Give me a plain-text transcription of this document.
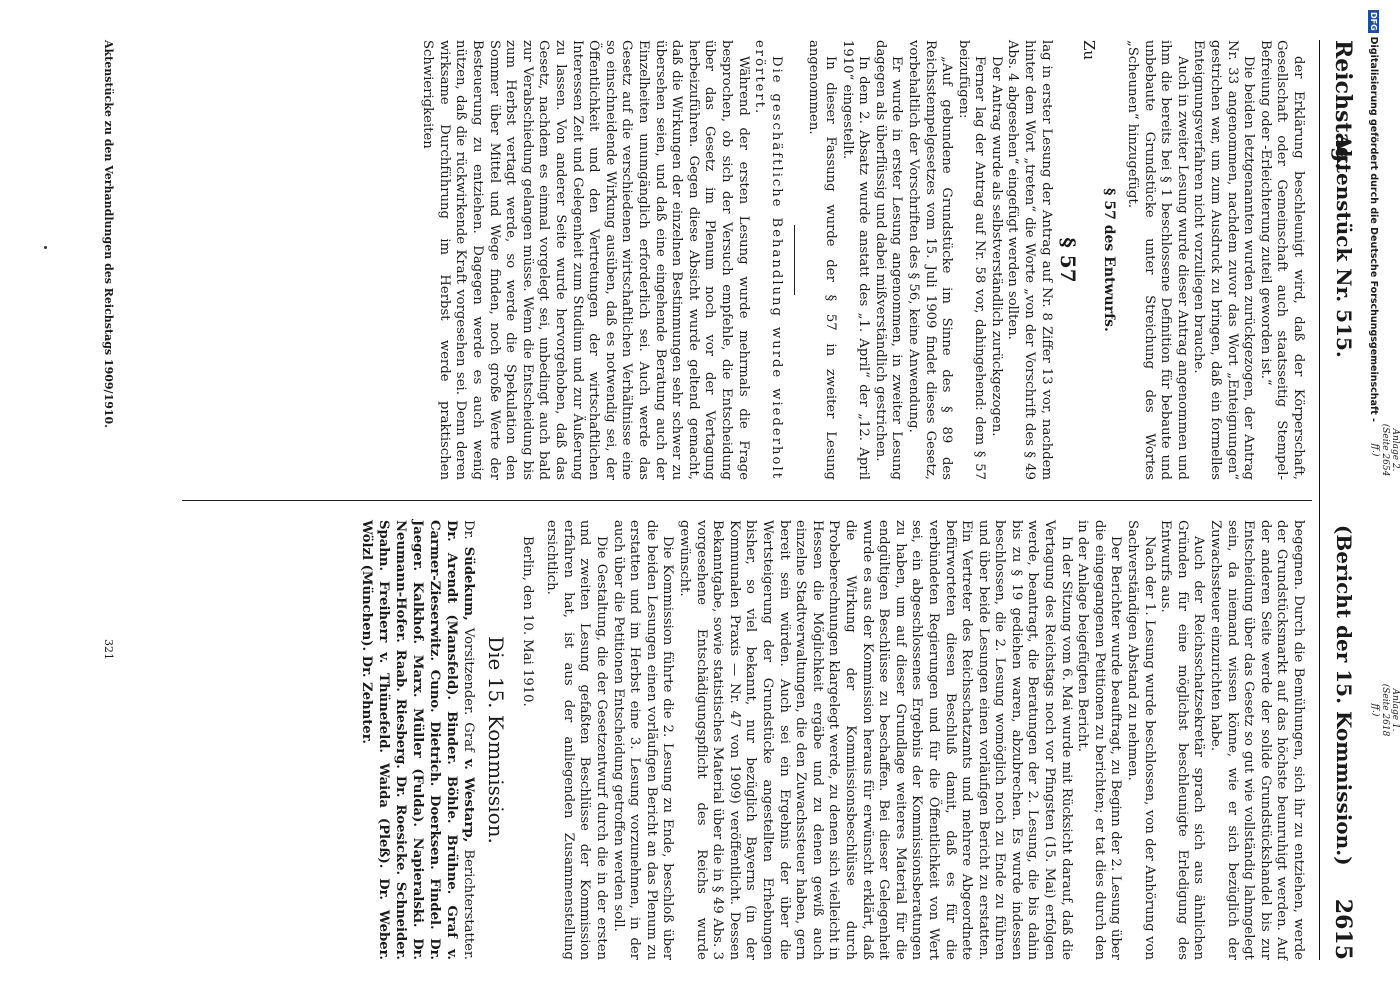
Reichstag.
Aktenstück Nr. 515. (Bericht der 15. Kommission.)
2615

der Erklärung beschleunigt wird, daß der Körperschaft, Gesellschaft oder Gemeinschaft auch staatsseitig Stempel-Befreiung oder -Erleichterung zuteil geworden ist.“

Die beiden letztgenannten wurden zurückgezogen, der Antrag Nr. 33 angenommen, nachdem zuvor das Wort „Enteignungen“ gestrichen war, um zum Ausdruck zu bringen, daß ein formelles Enteignungsverfahren nicht vorzuliegen brauche.

Auch in zweiter Lesung wurde dieser Antrag angenommen und ihm die bereits bei § 1 beschlossene Definition für bebaute und unbebaute Grundstücke unter Streichung des Wortes „Scheunen“ hinzugefügt.

§ 57 des Entwurfs.
Zu
§ 57

lag in erster Lesung der Antrag auf Nr. 8 Ziffer 13 vor, nachdem hinter dem Wort „treten“ die Worte „von der Vorschrift des § 49 Abs. 4 abgesehen“ eingefügt werden sollten.

Der Antrag wurde als selbstverständlich zurückgezogen.

Ferner lag der Antrag auf Nr. 58 vor, dahingehend: dem § 57 beizufügen:

„Auf gebundene Grundstücke im Sinne des § 89 des Reichsstempelgesetzes vom 15. Juli 1909 findet dieses Gesetz, vorbehaltlich der Vorschriften des § 56, keine Anwendung.

Er wurde in erster Lesung angenommen, in zweiter Lesung dagegen als überflüssig und dabei mißverständlich gestrichen.

In dem 2. Absatz wurde anstatt des „1. April“ der „12. April 1910“ eingestellt.

In dieser Fassung wurde der § 57 in zweiter Lesung angenommen.

Die geschäftliche Behandlung wurde wiederholt erörtert.

Während der ersten Lesung wurde mehrmals die Frage besprochen, ob sich der Versuch empfehle, die Entscheidung über das Gesetz im Plenum noch vor der Vertagung herbeizuführen. Gegen diese Absicht wurde geltend gemacht, daß die Wirkungen der einzelnen Bestimmungen sehr schwer zu übersehen seien, und daß eine eingehende Beratung auch der Einzelheiten unumgänglich erforderlich sei. Auch werde das Gesetz auf die verschiedenen wirtschaftlichen Verhältnisse eine so einschneidende Wirkung ausüben, daß es notwendig sei, der Öffentlichkeit und den Vertretungen der wirtschaftlichen Interessen Zeit und Gelegenheit zum Studium und zur Äußerung zu lassen. Von anderer Seite wurde hervorgehoben, daß das Gesetz, nachdem es einmal vorgelegt sei, unbedingt auch bald zur Verabschiedung gelangen müsse. Wenn die Entscheidung bis zum Herbst vertagt werde, so werde die Spekulation den Sommer über Mittel und Wege finden, noch große Werte der Besteuerung zu entziehen. Dagegen werde es auch wenig nützen, daß die rückwirkende Kraft vorgesehen sei. Denn deren wirksame Durchführung im Herbst werde praktischen Schwierigkeiten

begegnen. Durch die Bemühungen, sich ihr zu entziehen, werde der Grundstücksmarkt auf das höchste beunruhigt werden. Auf der anderen Seite werde der solide Grundstückshandel bis zur Entscheidung über das Gesetz so gut wie vollständig lahmgelegt sein, da niemand wissen könne, wie er sich bezüglich der Zuwachssteuer einzurichten habe.

Auch der Reichsschatzsekretär sprach sich aus ähnlichen Gründen für eine möglichst beschleunigte Erledigung des Entwurfs aus.

Nach der 1. Lesung wurde beschlossen, von der Anhörung von Sachverständigen Abstand zu nehmen.

Der Berichter wurde beauftragt, zu Beginn der 2. Lesung über die eingegangenen Petitionen zu berichten; er tat dies durch den in der Anlage beigefügten Bericht.

In der Sitzung vom 6. Mai wurde mit Rücksicht darauf, daß die Vertagung des Reichstags noch vor Pfingsten (15. Mai) erfolgen werde, beantragt, die Beratungen der 2. Lesung, die bis dahin bis zu § 19 gediehen waren, abzubrechen. Es wurde indessen beschlossen, die 2. Lesung womöglich noch zu Ende zu führen und über beide Lesungen einen vorläufigen Bericht zu erstatten. Ein Vertreter des Reichsschatzamts und mehrere Abgeordnete befürworteten diesen Beschluß damit, daß es für die verbündeten Regierungen und für die Öffentlichkeit von Wert sei, ein abgeschlossenes Ergebnis der Kommissionsberatungen zu haben, um auf dieser Grundlage weiteres Material für die endgültigen Beschlüsse zu beschaffen. Bei dieser Gelegenheit wurde es aus der Kommission heraus für erwünscht erklärt, daß die Wirkung der Kommissionsbeschlüsse durch Probeberechnungen klargelegt werde, zu denen sich vielleicht in Hessen die Möglichkeit ergäbe und zu denen gewiß auch einzelne Stadtverwaltungen, die den Zuwachssteuer haben, gern bereit sein würden. Auch sei ein Ergebnis der über die Wertsteigerung der Grundstücke angestellten Erhebungen bisher, so viel bekannt, nur bezüglich Bayerns (in der Kommunalen Praxis — Nr. 47 von 1909) veröffentlicht. Dessen Bekanntgabe, sowie statistisches Material über die in § 49 Abs. 3 vorgesehene Entschädigungspflicht des Reichs wurde gewünscht.

Die Kommission führte die 2. Lesung zu Ende, beschloß über die beiden Lesungen einen vorläufigen Bericht an das Plenum zu erstatten und im Herbst eine 3. Lesung vorzunehmen, in der auch über die Petitionen Entscheidung getroffen werden soll.

Die Gestaltung, die der Gesetzentwurf durch die in der ersten und zweiten Lesung gefaßten Beschlüsse der Kommission erfahren hat, ist aus der anliegenden Zusammenstellung ersichtlich.

Berlin, den 10. Mai 1910.

Die 15. Kommission.
Dr. Südekum, Vorsitzender. Graf v. Westarp, Berichterstatter. Dr. Arendt (Mansfeld). Binder. Böhle. Brühne. Graf v. Carmer-Zieserwitz. Cuno. Dietrich. Doerksen. Findel. Dr. Jaeger. Kalkhof. Marx. Müller (Fulda). Napieralski. Dr. Neumann-Hofer. Raab. Riesberg. Dr. Roesicke. Schneider. Spahn. Freiherr v. Thünefeld. Waida (Pleß). Dr. Weber. Wölzl (München). Dr. Zehnter.
Anlage 2. (Seite 2654 ff.)
Anlage 1. (Seite 2618 ff.)
Aktenstücke zu den Verhandlungen des Reichstags 1909/1910.
321
DFG
Digitalisierung gefördert durch die Deutsche Forschungsgemeinschaft -
